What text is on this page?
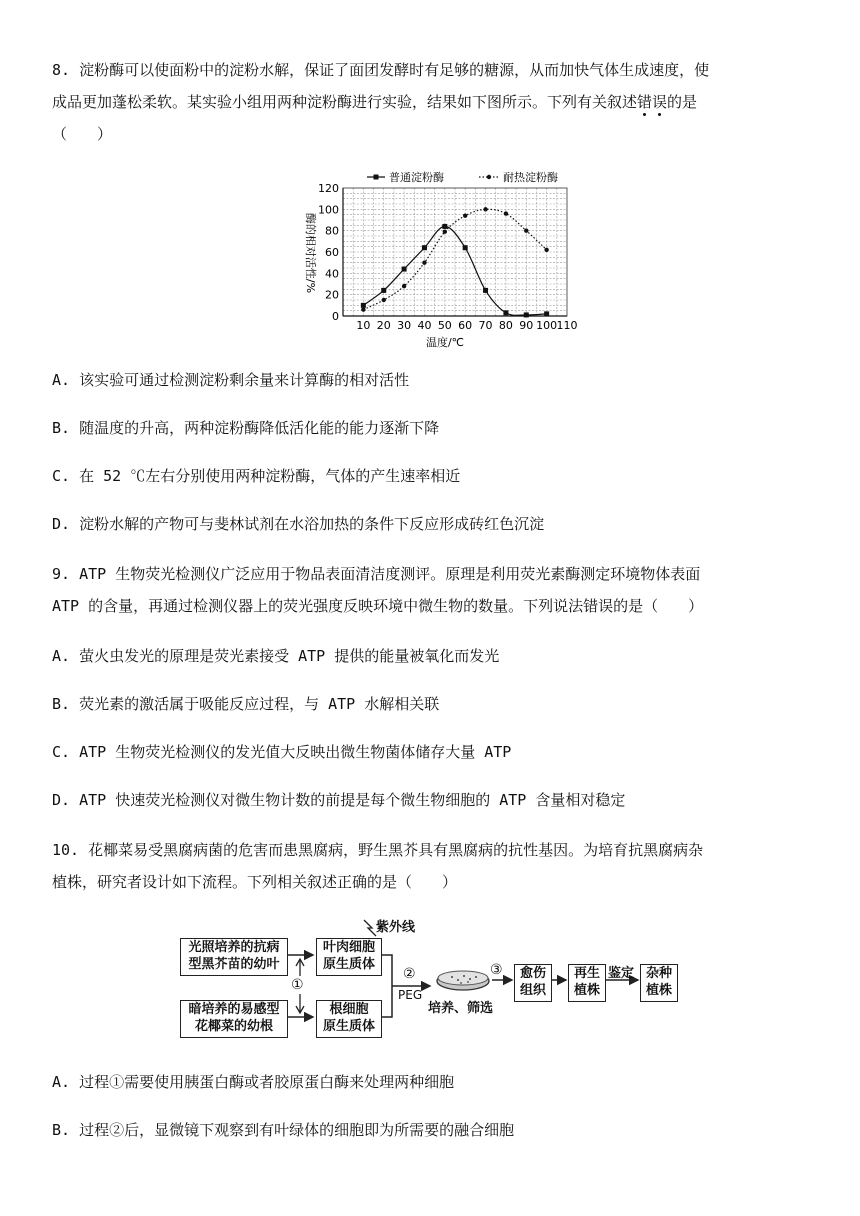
8. 淀粉酶可以使面粉中的淀粉水解，保证了面团发酵时有足够的糖源，从而加快气体生成速度，使
成品更加蓬松柔软。某实验小组用两种淀粉酶进行实验，结果如下图所示。下列有关叙述错误的是
（　　）
10 20 30 40 50 60 70 80 90 100 110
0
20
40
60
80
100
120
普通淀粉酶	耐热淀粉酶
温度/℃
酶的相对活性/%
A. 该实验可通过检测淀粉剩余量来计算酶的相对活性
B. 随温度的升高，两种淀粉酶降低活化能的能力逐渐下降
C. 在 52 ℃左右分别使用两种淀粉酶，气体的产生速率相近
D. 淀粉水解的产物可与斐林试剂在水浴加热的条件下反应形成砖红色沉淀
9. ATP 生物荧光检测仪广泛应用于物品表面清洁度测评。原理是利用荧光素酶测定环境物体表面
ATP 的含量，再通过检测仪器上的荧光强度反映环境中微生物的数量。下列说法错误的是（　　）
A. 萤火虫发光的原理是荧光素接受 ATP 提供的能量被氧化而发光
B. 荧光素的激活属于吸能反应过程，与 ATP 水解相关联
C. ATP 生物荧光检测仪的发光值大反映出微生物菌体储存大量 ATP
D. ATP 快速荧光检测仪对微生物计数的前提是每个微生物细胞的 ATP 含量相对稳定
10. 花椰菜易受黑腐病菌的危害而患黑腐病，野生黑芥具有黑腐病的抗性基因。为培育抗黑腐病杂
植株，研究者设计如下流程。下列相关叙述正确的是（　　）
光照培养的抗病
型黑芥苗的幼叶
暗培养的易感型
花椰菜的幼根
叶肉细胞
原生质体
根细胞
原生质体
愈伤
组织
再生
植株
杂种
植株
紫外线
①
②
PEG
③
培养、筛选
鉴定
A. 过程①需要使用胰蛋白酶或者胶原蛋白酶来处理两种细胞
B. 过程②后，显微镜下观察到有叶绿体的细胞即为所需要的融合细胞
